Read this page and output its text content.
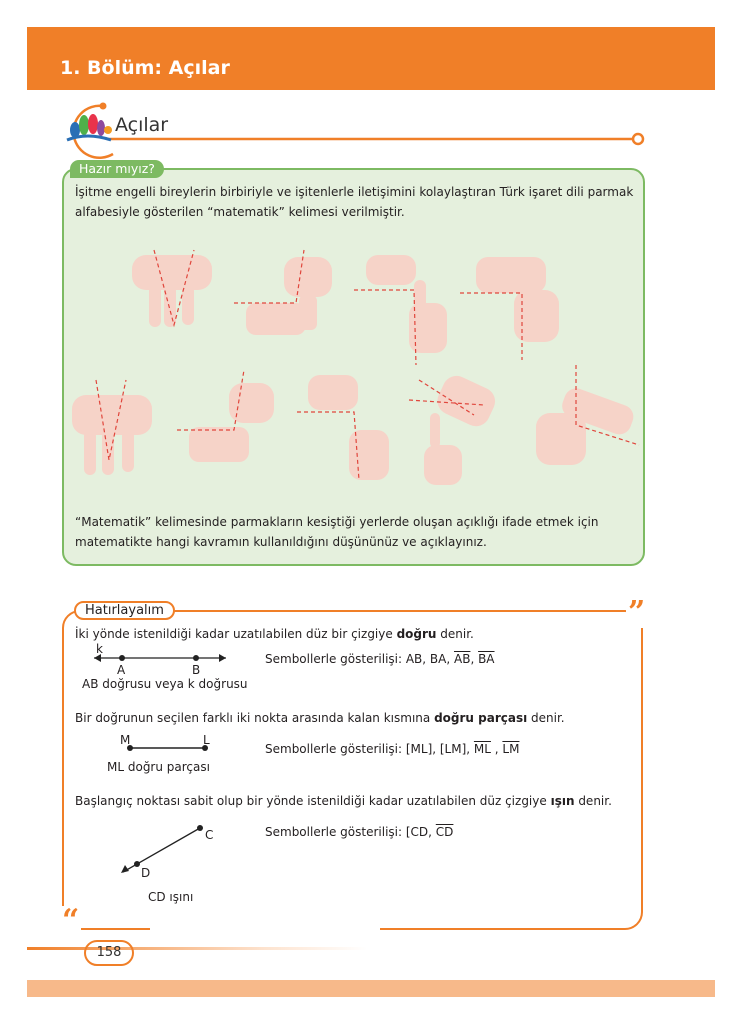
1. Bölüm: Açılar
Açılar
Hazır mıyız?
İşitme engelli bireylerin birbiriyle ve işitenlerle iletişimini kolaylaştıran Türk işaret dili parmak alfabesiyle gösterilen “matematik” kelimesi verilmiştir.
“Matematik” kelimesinde parmakların kesiştiği yerlerde oluşan açıklığı ifade etmek için matematikte hangi kavramın kullanıldığını düşününüz ve açıklayınız.
Hatırlayalım	”
“
İki yönde istenildiği kadar uzatılabilen düz bir çizgiye doğru denir.
k
A	B
AB doğrusu veya k doğrusu
Sembollerle gösterilişi: AB, BA, $\overline{AB}$, $\overline{BA}$
Bir doğrunun seçilen farklı iki nokta arasında kalan kısmına doğru parçası denir.
M	L
ML doğru parçası
Sembollerle gösterilişi: [ML], [LM], $\overline{ML}$ , $\overline{LM}$
Başlangıç noktası sabit olup bir yönde istenildiği kadar uzatılabilen düz çizgiye ışın denir.
C
D
CD ışını
Sembollerle gösterilişi: [CD, $\overline{CD}$
158
